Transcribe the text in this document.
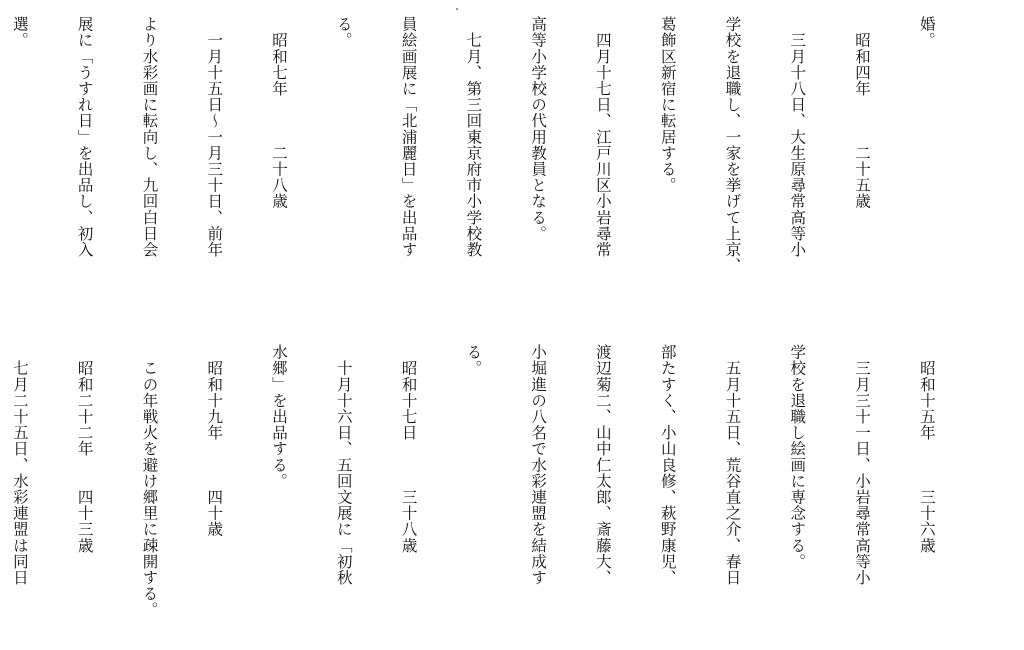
婚。

　昭和四年　　　二十五歳

　三月十八日、大生原尋常高等小

学校を退職し、一家を挙げて上京、

葛飾区新宿に転居する。

　四月十七日、江戸川区小岩尋常

高等小学校の代用教員となる。

　七月、第三回東京府市小学校教

員絵画展に「北浦麗日」を出品す

る。

　昭和七年　　　二十八歳

　一月十五日～一月三十日、前年

より水彩画に転向し、九回白日会

展に「うすれ日」を出品し、初入

選。

　昭和十五年　　　三十六歳

　三月三十一日、小岩尋常高等小

学校を退職し絵画に専念する。

　五月十五日、荒谷直之介、春日

部たすく、小山良修、萩野康児、

渡辺菊二、山中仁太郎、斎藤大、

小堀進の八名で水彩連盟を結成す

る。

　昭和十七日　　　三十八歳

　十月十六日、五回文展に「初秋

水郷」を出品する。

　昭和十九年　　　四十歳

　この年戦火を避け郷里に疎開する。

　昭和二十二年　　四十三歳

　七月二十五日、水彩連盟は同日
